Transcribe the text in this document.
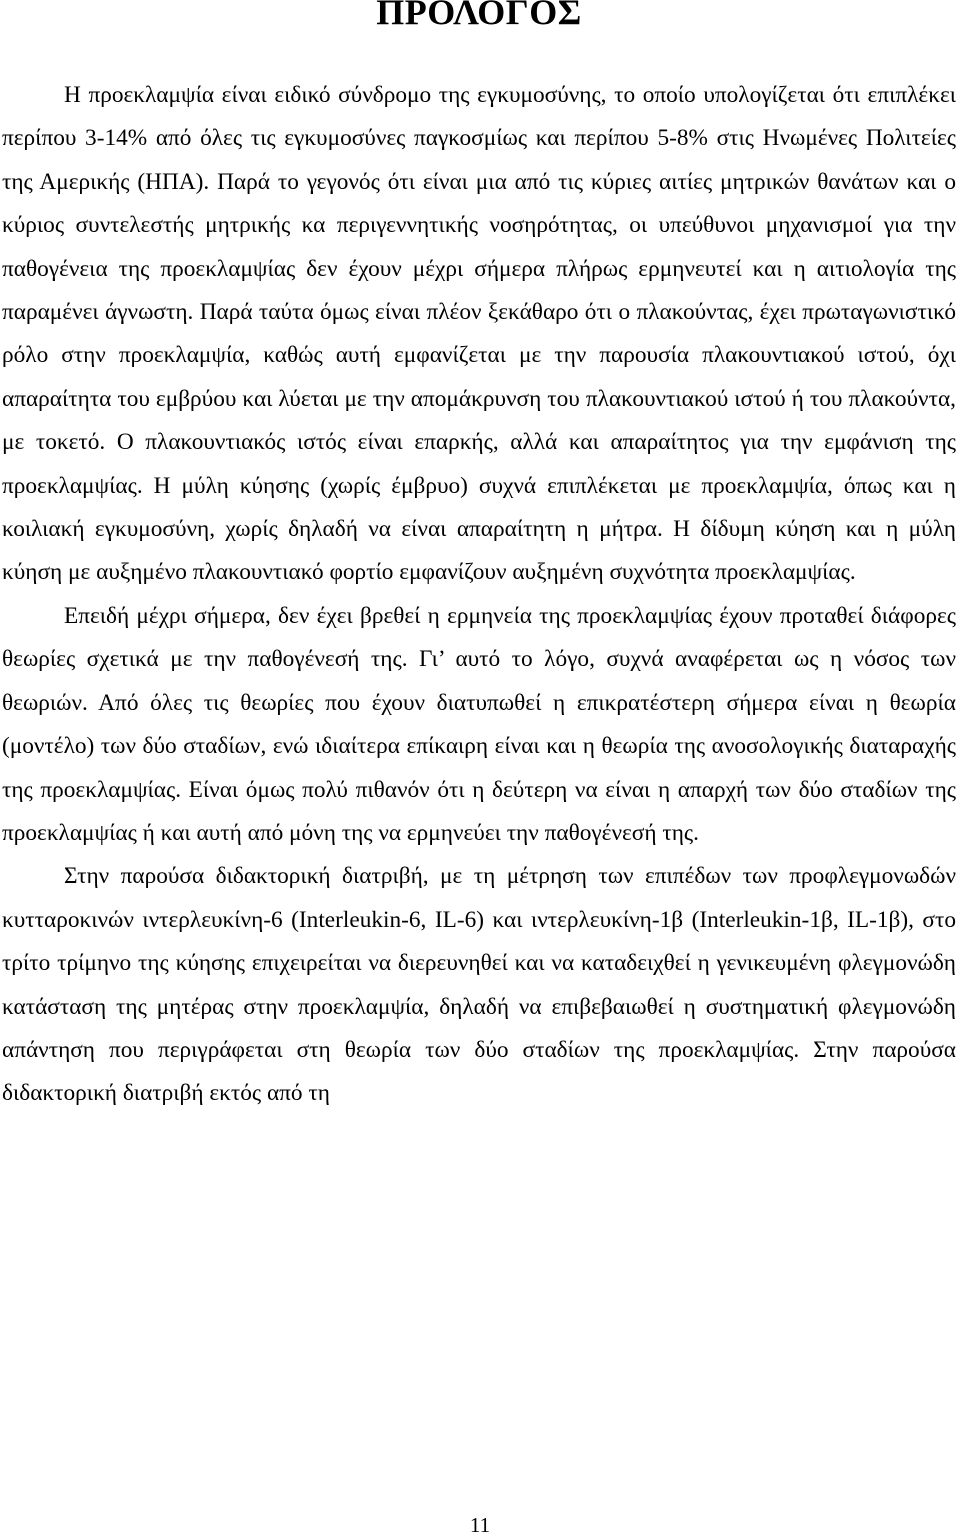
ΠΡΟΛΟΓΟΣ

Η προεκλαμψία είναι ειδικό σύνδρομο της εγκυμοσύνης, το οποίο υπολογίζεται ότι επιπλέκει περίπου 3-14% από όλες τις εγκυμοσύνες παγκοσμίως και περίπου 5-8% στις Ηνωμένες Πολιτείες της Αμερικής (ΗΠΑ). Παρά το γεγονός ότι είναι μια από τις κύριες αιτίες μητρικών θανάτων και ο κύριος συντελεστής μητρικής κα περιγεννητικής νοσηρότητας, οι υπεύθυνοι μηχανισμοί για την παθογένεια της προεκλαμψίας δεν έχουν μέχρι σήμερα πλήρως ερμηνευτεί και η αιτιολογία της παραμένει άγνωστη. Παρά ταύτα όμως είναι πλέον ξεκάθαρο ότι ο πλακούντας, έχει πρωταγωνιστικό ρόλο στην προεκλαμψία, καθώς αυτή εμφανίζεται με την παρουσία πλακουντιακού ιστού, όχι απαραίτητα του εμβρύου και λύεται με την απομάκρυνση του πλακουντιακού ιστού ή του πλακούντα, με τοκετό. Ο πλακουντιακός ιστός είναι επαρκής, αλλά και απαραίτητος για την εμφάνιση της προεκλαμψίας. Η μύλη κύησης (χωρίς έμβρυο) συχνά επιπλέκεται με προεκλαμψία, όπως και η κοιλιακή εγκυμοσύνη, χωρίς δηλαδή να είναι απαραίτητη η μήτρα. Η δίδυμη κύηση και η μύλη κύηση με αυξημένο πλακουντιακό φορτίο εμφανίζουν αυξημένη συχνότητα προεκλαμψίας.

Επειδή μέχρι σήμερα, δεν έχει βρεθεί η ερμηνεία της προεκλαμψίας έχουν προταθεί διάφορες θεωρίες σχετικά με την παθογένεσή της. Γι’ αυτό το λόγο, συχνά αναφέρεται ως η νόσος των θεωριών. Από όλες τις θεωρίες που έχουν διατυπωθεί η επικρατέστερη σήμερα είναι η θεωρία (μοντέλο) των δύο σταδίων, ενώ ιδιαίτερα επίκαιρη είναι και η θεωρία της ανοσολογικής διαταραχής της προεκλαμψίας. Είναι όμως πολύ πιθανόν ότι η δεύτερη να είναι η απαρχή των δύο σταδίων της προεκλαμψίας ή και αυτή από μόνη της να ερμηνεύει την παθογένεσή της.

Στην παρούσα διδακτορική διατριβή, με τη μέτρηση των επιπέδων των προφλεγμονωδών κυτταροκινών ιντερλευκίνη-6 (Interleukin-6, IL-6) και ιντερλευκίνη-1β (Interleukin-1β, IL-1β), στο τρίτο τρίμηνο της κύησης επιχειρείται να διερευνηθεί και να καταδειχθεί η γενικευμένη φλεγμονώδη κατάσταση της μητέρας στην προεκλαμψία, δηλαδή να επιβεβαιωθεί η συστηματική φλεγμονώδη απάντηση που περιγράφεται στη θεωρία των δύο σταδίων της προεκλαμψίας. Στην παρούσα διδακτορική διατριβή εκτός από τη

11
